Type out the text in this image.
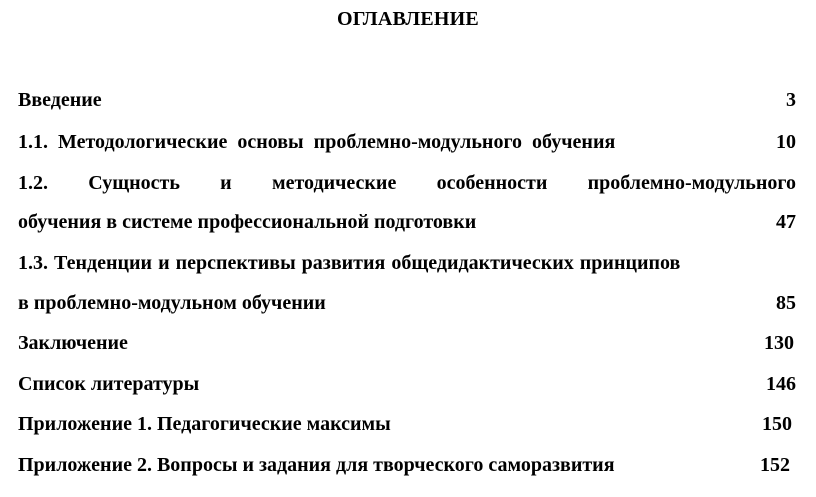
ОГЛАВЛЕНИЕ
Введение	3
1.1. Методологические основы проблемно-модульного обучения	10
1.2. Сущность и методические особенности проблемно-модульного
обучения в системе профессиональной подготовки	47
1.3. Тенденции и перспективы развития общедидактических принципов
в проблемно-модульном обучении	85
Заключение	130
Список литературы	146
Приложение 1. Педагогические максимы	150
Приложение 2. Вопросы и задания для творческого саморазвития	152
